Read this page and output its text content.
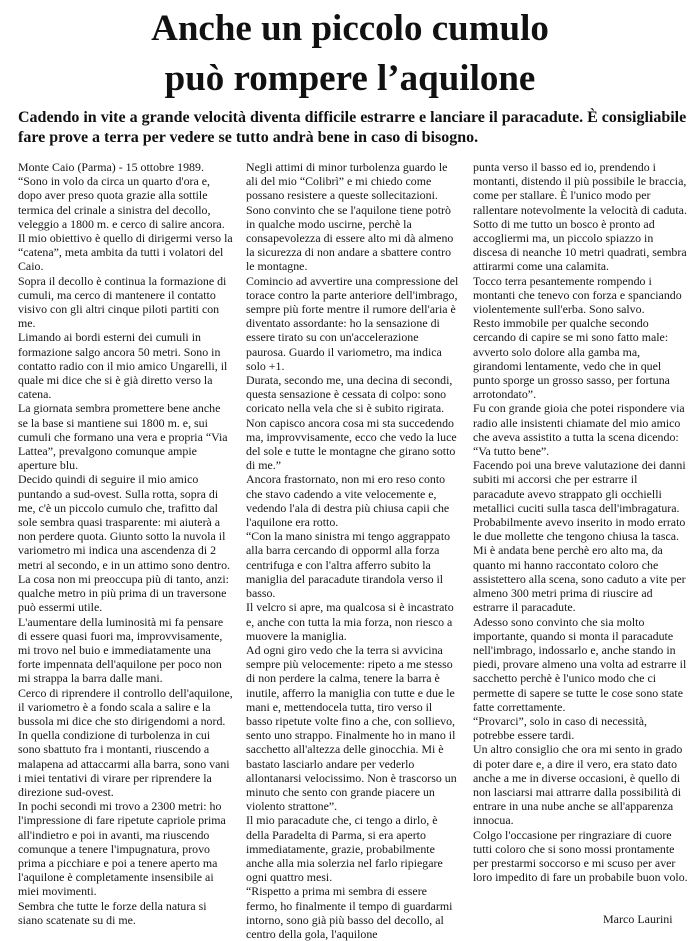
Anche un piccolo cumulo
può rompere l’aquilone
Cadendo in vite a grande velocità diventa difficile estrarre e lanciare il paracadute. È consigliabile fare prove a terra per vedere se tutto andrà bene in caso di bisogno.

Monte Caio (Parma) - 15 ottobre 1989.

“Sono in volo da circa un quarto d'ora e, dopo aver preso quota grazie alla sottile termica del crinale a sinistra del decollo, veleggio a 1800 m. e cerco di salire ancora. Il mio obiettivo è quello di dirigermi verso la “catena”, meta ambita da tutti i volatori del Caio.

Sopra il decollo è continua la formazione di cumuli, ma cerco di mantenere il contatto visivo con gli altri cinque piloti partiti con me.

Limando ai bordi esterni dei cumuli in formazione salgo ancora 50 metri. Sono in contatto radio con il mio amico Ungarelli, il quale mi dice che si è già diretto verso la catena.

La giornata sembra promettere bene anche se la base si mantiene sui 1800 m. e, sui cumuli che formano una vera e propria “Via Lattea”, prevalgono comunque ampie aperture blu.

Decido quindi di seguire il mio amico puntando a sud-ovest. Sulla rotta, sopra di me, c'è un piccolo cumulo che, trafitto dal sole sembra quasi trasparente: mi aiuterà a non perdere quota. Giunto sotto la nuvola il variometro mi indica una ascendenza di 2 metri al secondo, e in un attimo sono dentro.

La cosa non mi preoccupa più di tanto, anzi: qualche metro in più prima di un traversone può essermi utile.

L'aumentare della luminosità mi fa pensare di essere quasi fuori ma, improvvisamente, mi trovo nel buio e immediatamente una forte impennata dell'aquilone per poco non mi strappa la barra dalle mani.

Cerco di riprendere il controllo dell'aquilone, il variometro è a fondo scala a salire e la bussola mi dice che sto dirigendomi a nord.

In quella condizione di turbolenza in cui sono sbattuto fra i montanti, riuscendo a malapena ad attaccarmi alla barra, sono vani i miei tentativi di virare per riprendere la direzione sud-ovest.

In pochi secondi mi trovo a 2300 metri: ho l'impressione di fare ripetute capriole prima all'indietro e poi in avanti, ma riuscendo comunque a tenere l'impugnatura, provo prima a picchiare e poi a tenere aperto ma l'aquilone è completamente insensibile ai miei movimenti.

Sembra che tutte le forze della natura si siano scatenate su di me.

Negli attimi di minor turbolenza guardo le ali del mio “Colibrì” e mi chiedo come possano resistere a queste sollecitazioni. Sono convinto che se l'aquilone tiene potrò in qualche modo uscirne, perchè la consapevolezza di essere alto mi dà almeno la sicurezza di non andare a sbattere contro le montagne.

Comincio ad avvertire una compressione del torace contro la parte anteriore dell'imbrago, sempre più forte mentre il rumore dell'aria è diventato assordante: ho la sensazione di essere tirato su con un'accelerazione paurosa. Guardo il variometro, ma indica solo +1.

Durata, secondo me, una decina di secondi, questa sensazione è cessata di colpo: sono coricato nella vela che si è subito rigirata.

Non capisco ancora cosa mi sta succedendo ma, improvvisamente, ecco che vedo la luce del sole e tutte le montagne che girano sotto di me.”

Ancora frastornato, non mi ero reso conto che stavo cadendo a vite velocemente e, vedendo l'ala di destra più chiusa capii che l'aquilone era rotto.

“Con la mano sinistra mi tengo aggrappato alla barra cercando di opporml alla forza centrifuga e con l'altra afferro subito la maniglia del paracadute tirandola verso il basso.

Il velcro si apre, ma qualcosa si è incastrato e, anche con tutta la mia forza, non riesco a muovere la maniglia.

Ad ogni giro vedo che la terra si avvicina sempre più velocemente: ripeto a me stesso di non perdere la calma, tenere la barra è inutile, afferro la maniglia con tutte e due le mani e, mettendocela tutta, tiro verso il basso ripetute volte fino a che, con sollievo, sento uno strappo. Finalmente ho in mano il sacchetto all'altezza delle ginocchia. Mi è bastato lasciarlo andare per vederlo allontanarsi velocissimo. Non è trascorso un minuto che sento con grande piacere un violento strattone”.

Il mio paracadute che, ci tengo a dirlo, è della Paradelta di Parma, si era aperto immediatamente, grazie, probabilmente anche alla mia solerzia nel farlo ripiegare ogni quattro mesi.

“Rispetto a prima mi sembra di essere fermo, ho finalmente il tempo di guardarmi intorno, sono già più basso del decollo, al centro della gola, l'aquilone

punta verso il basso ed io, prendendo i montanti, distendo il più possibile le braccia, come per stallare. È l'unico modo per rallentare notevolmente la velocità di caduta. Sotto di me tutto un bosco è pronto ad accogliermi ma, un piccolo spiazzo in discesa di neanche 10 metri quadrati, sembra attirarmi come una calamita.

Tocco terra pesantemente rompendo i montanti che tenevo con forza e spanciando violentemente sull'erba. Sono salvo.

Resto immobile per qualche secondo cercando di capire se mi sono fatto male: avverto solo dolore alla gamba ma, girandomi lentamente, vedo che in quel punto sporge un grosso sasso, per fortuna arrotondato”.

Fu con grande gioia che potei rispondere via radio alle insistenti chiamate del mio amico che aveva assistito a tutta la scena dicendo: “Va tutto bene”.

Facendo poi una breve valutazione dei danni subiti mi accorsi che per estrarre il paracadute avevo strappato gli occhielli metallici cuciti sulla tasca dell'imbragatura. Probabilmente avevo inserito in modo errato le due mollette che tengono chiusa la tasca.

Mi è andata bene perchè ero alto ma, da quanto mi hanno raccontato coloro che assistettero alla scena, sono caduto a vite per almeno 300 metri prima di riuscire ad estrarre il paracadute.

Adesso sono convinto che sia molto importante, quando si monta il paracadute nell'imbrago, indossarlo e, anche stando in piedi, provare almeno una volta ad estrarre il sacchetto perchè è l'unico modo che ci permette di sapere se tutte le cose sono state fatte correttamente.

“Provarci”, solo in caso di necessità, potrebbe essere tardi.

Un altro consiglio che ora mi sento in grado di poter dare e, a dire il vero, era stato dato anche a me in diverse occasioni, è quello di non lasciarsi mai attrarre dalla possibilità di entrare in una nube anche se all'apparenza innocua.

Colgo l'occasione per ringraziare di cuore tutti coloro che si sono mossi prontamente per prestarmi soccorso e mi scuso per aver loro impedito di fare un probabile buon volo.

Marco Laurini
